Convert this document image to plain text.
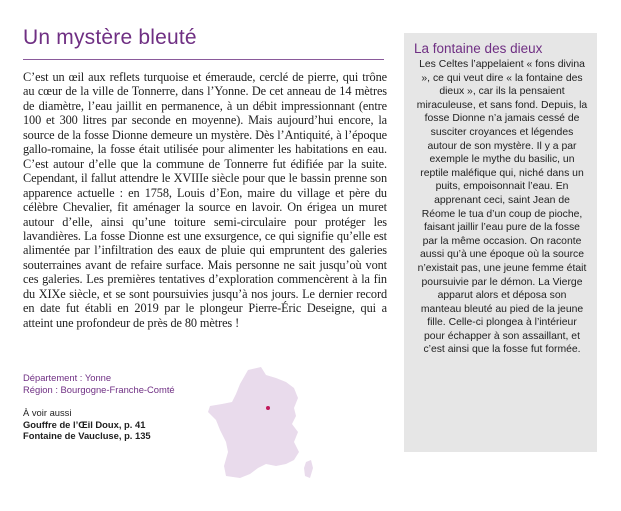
Un mystère bleuté

C’est un œil aux reflets turquoise et émeraude, cerclé de pierre, qui trône au cœur de la ville de Tonnerre, dans l’Yonne. De cet anneau de 14 mètres de diamètre, l’eau jaillit en permanence, à un débit impressionnant (entre 100 et 300 litres par seconde en moyenne). Mais aujourd’hui encore, la source de la fosse Dionne demeure un mystère. Dès l’Antiquité, à l’époque gallo-romaine, la fosse était utilisée pour alimenter les habitations en eau. C’est autour d’elle que la commune de Tonnerre fut édifiée par la suite. Cependant, il fallut attendre le XVIIIe siècle pour que le bassin prenne son apparence actuelle : en 1758, Louis d’Eon, maire du village et père du célèbre Chevalier, fit aménager la source en lavoir. On érigea un muret autour d’elle, ainsi qu’une toiture semi-circulaire pour protéger les lavandières. La fosse Dionne est une exsurgence, ce qui signifie qu’elle est alimentée par l’infiltration des eaux de pluie qui empruntent des galeries souterraines avant de refaire surface. Mais personne ne sait jusqu’où vont ces galeries. Les premières tentatives d’exploration commencèrent à la fin du XIXe siècle, et se sont poursuivies jusqu’à nos jours. Le dernier record en date fut établi en 2019 par le plongeur Pierre-Éric Deseigne, qui a atteint une profondeur de près de 80 mètres !

Département : Yonne
Région : Bourgogne-Franche-Comté
À voir aussi
Gouffre de l’Œil Doux, p. 41
Fontaine de Vaucluse, p. 135
La fontaine des dieux

Les Celtes l’appelaient « fons divina », ce qui veut dire « la fontaine des dieux », car ils la pensaient miraculeuse, et sans fond. Depuis, la fosse Dionne n’a jamais cessé de susciter croyances et légendes autour de son mystère. Il y a par exemple le mythe du basilic, un reptile maléfique qui, niché dans un puits, empoisonnait l’eau. En apprenant ceci, saint Jean de Réome le tua d’un coup de pioche, faisant jaillir l’eau pure de la fosse par la même occasion. On raconte aussi qu’à une époque où la source n’existait pas, une jeune femme était poursuivie par le démon. La Vierge apparut alors et déposa son manteau bleuté au pied de la jeune fille. Celle-ci plongea à l’intérieur pour échapper à son assaillant, et c’est ainsi que la fosse fut formée.
